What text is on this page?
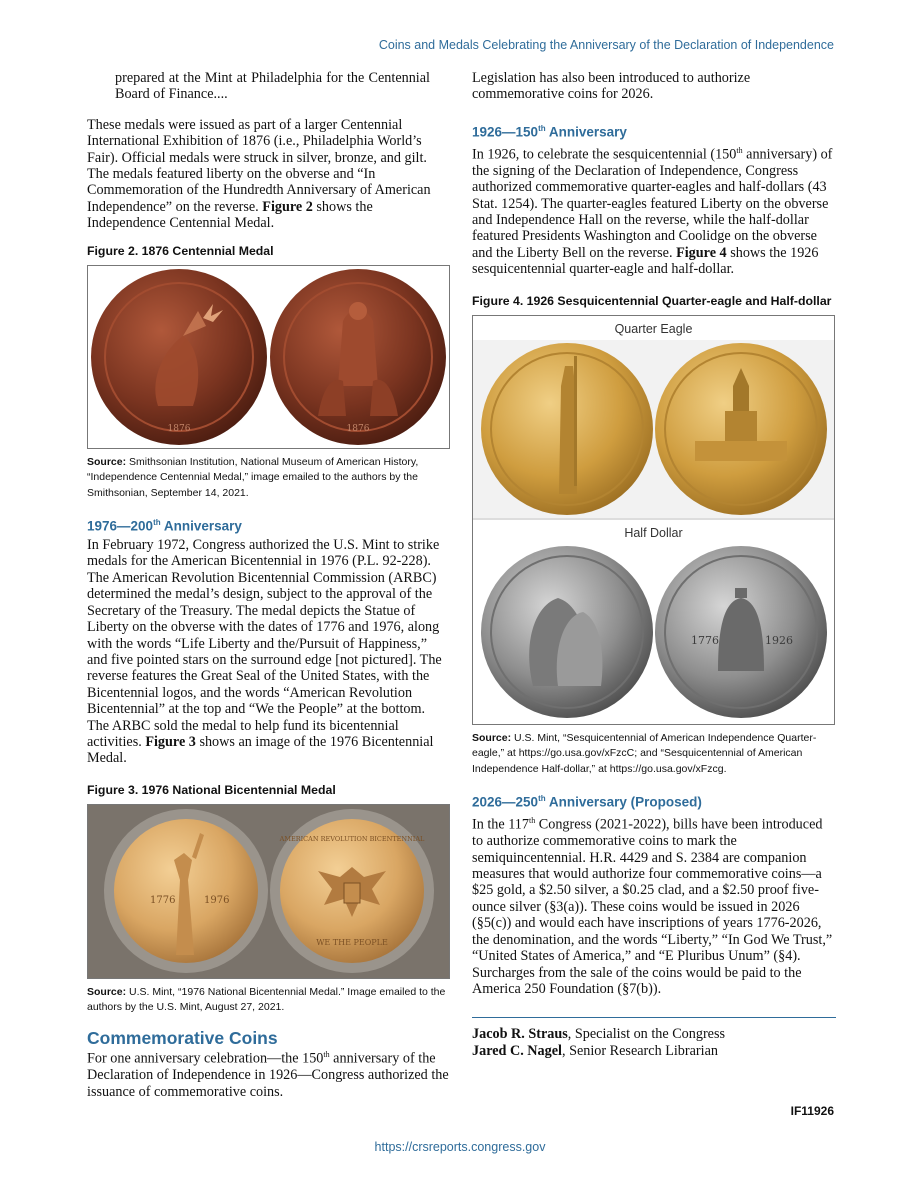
Coins and Medals Celebrating the Anniversary of the Declaration of Independence

prepared at the Mint at Philadelphia for the Centennial Board of Finance....

These medals were issued as part of a larger Centennial International Exhibition of 1876 (i.e., Philadelphia World’s Fair). Official medals were struck in silver, bronze, and gilt. The medals featured liberty on the obverse and “In Commemoration of the Hundredth Anniversary of American Independence” on the reverse. Figure 2 shows the Independence Centennial Medal.

Figure 2. 1876 Centennial Medal

1876	1876

Source: Smithsonian Institution, National Museum of American History, “Independence Centennial Medal,” image emailed to the authors by the Smithsonian, September 14, 2021.

1976—200th Anniversary

In February 1972, Congress authorized the U.S. Mint to strike medals for the American Bicentennial in 1976 (P.L. 92-228). The American Revolution Bicentennial Commission (ARBC) determined the medal’s design, subject to the approval of the Secretary of the Treasury. The medal depicts the Statue of Liberty on the obverse with the dates of 1776 and 1976, along with the words “Life Liberty and the/Pursuit of Happiness,” and five pointed stars on the surround edge [not pictured]. The reverse features the Great Seal of the United States, with the Bicentennial logos, and the words “American Revolution Bicentennial” at the top and “We the People” at the bottom. The ARBC sold the medal to help fund its bicentennial activities. Figure 3 shows an image of the 1976 Bicentennial Medal.

Figure 3. 1976 National Bicentennial Medal

1776	1976
AMERICAN REVOLUTION BICENTENNIAL
WE THE PEOPLE

Source: U.S. Mint, “1976 National Bicentennial Medal.” Image emailed to the authors by the U.S. Mint, August 27, 2021.

Commemorative Coins

For one anniversary celebration—the 150th anniversary of the Declaration of Independence in 1926—Congress authorized the issuance of commemorative coins.

Legislation has also been introduced to authorize commemorative coins for 2026.

1926—150th Anniversary

In 1926, to celebrate the sesquicentennial (150th anniversary) of the signing of the Declaration of Independence, Congress authorized commemorative quarter-eagles and half-dollars (43 Stat. 1254). The quarter-eagles featured Liberty on the obverse and Independence Hall on the reverse, while the half-dollar featured Presidents Washington and Coolidge on the obverse and the Liberty Bell on the reverse. Figure 4 shows the 1926 sesquicentennial quarter-eagle and half-dollar.

Figure 4. 1926 Sesquicentennial Quarter-eagle and Half-dollar

Quarter Eagle
1776	1926
Half Dollar

Source: U.S. Mint, “Sesquicentennial of American Independence Quarter-eagle,” at https://go.usa.gov/xFzcC; and “Sesquicentennial of American Independence Half-dollar,” at https://go.usa.gov/xFzcg.

2026—250th Anniversary (Proposed)

In the 117th Congress (2021-2022), bills have been introduced to authorize commemorative coins to mark the semiquincentennial. H.R. 4429 and S. 2384 are companion measures that would authorize four commemorative coins—a $25 gold, a $2.50 silver, a $0.25 clad, and a $2.50 proof five-ounce silver (§3(a)). These coins would be issued in 2026 (§5(c)) and would each have inscriptions of years 1776-2026, the denomination, and the words “Liberty,” “In God We Trust,” “United States of America,” and “E Pluribus Unum” (§4). Surcharges from the sale of the coins would be paid to the America 250 Foundation (§7(b)).

Jacob R. Straus, Specialist on the Congress
Jared C. Nagel, Senior Research Librarian
IF11926
https://crsreports.congress.gov
